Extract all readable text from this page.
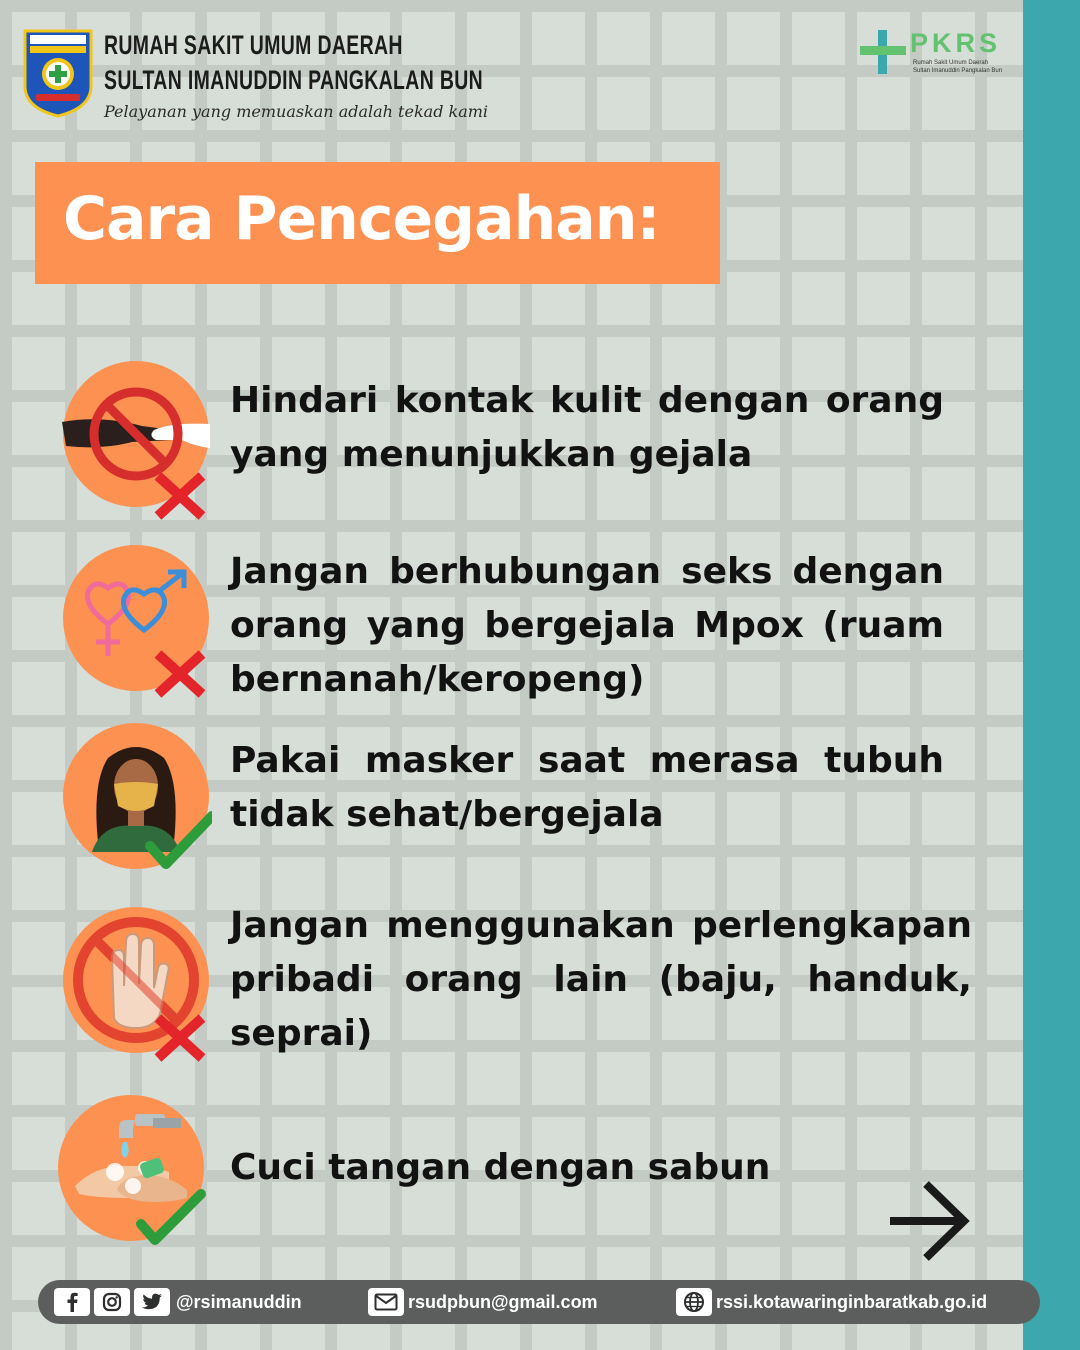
RUMAH SAKIT UMUM DAERAH
SULTAN IMANUDDIN PANGKALAN BUN
Pelayanan yang memuaskan adalah tekad kami
PKRS
Rumah Sakit Umum Daerah
Sultan Imanuddin Pangkalan Bun
Cara Pencegahan:
Hindari kontak kulit dengan orang yang menunjukkan gejala
Jangan berhubungan seks dengan orang yang bergejala Mpox (ruam bernanah/keropeng)
Pakai masker saat merasa tubuh tidak sehat/bergejala
Jangan menggunakan perlengkapan pribadi orang lain (baju, handuk, seprai)
Cuci tangan dengan sabun
@rsimanuddin	rsudpbun@gmail.com	rssi.kotawaringinbaratkab.go.id
